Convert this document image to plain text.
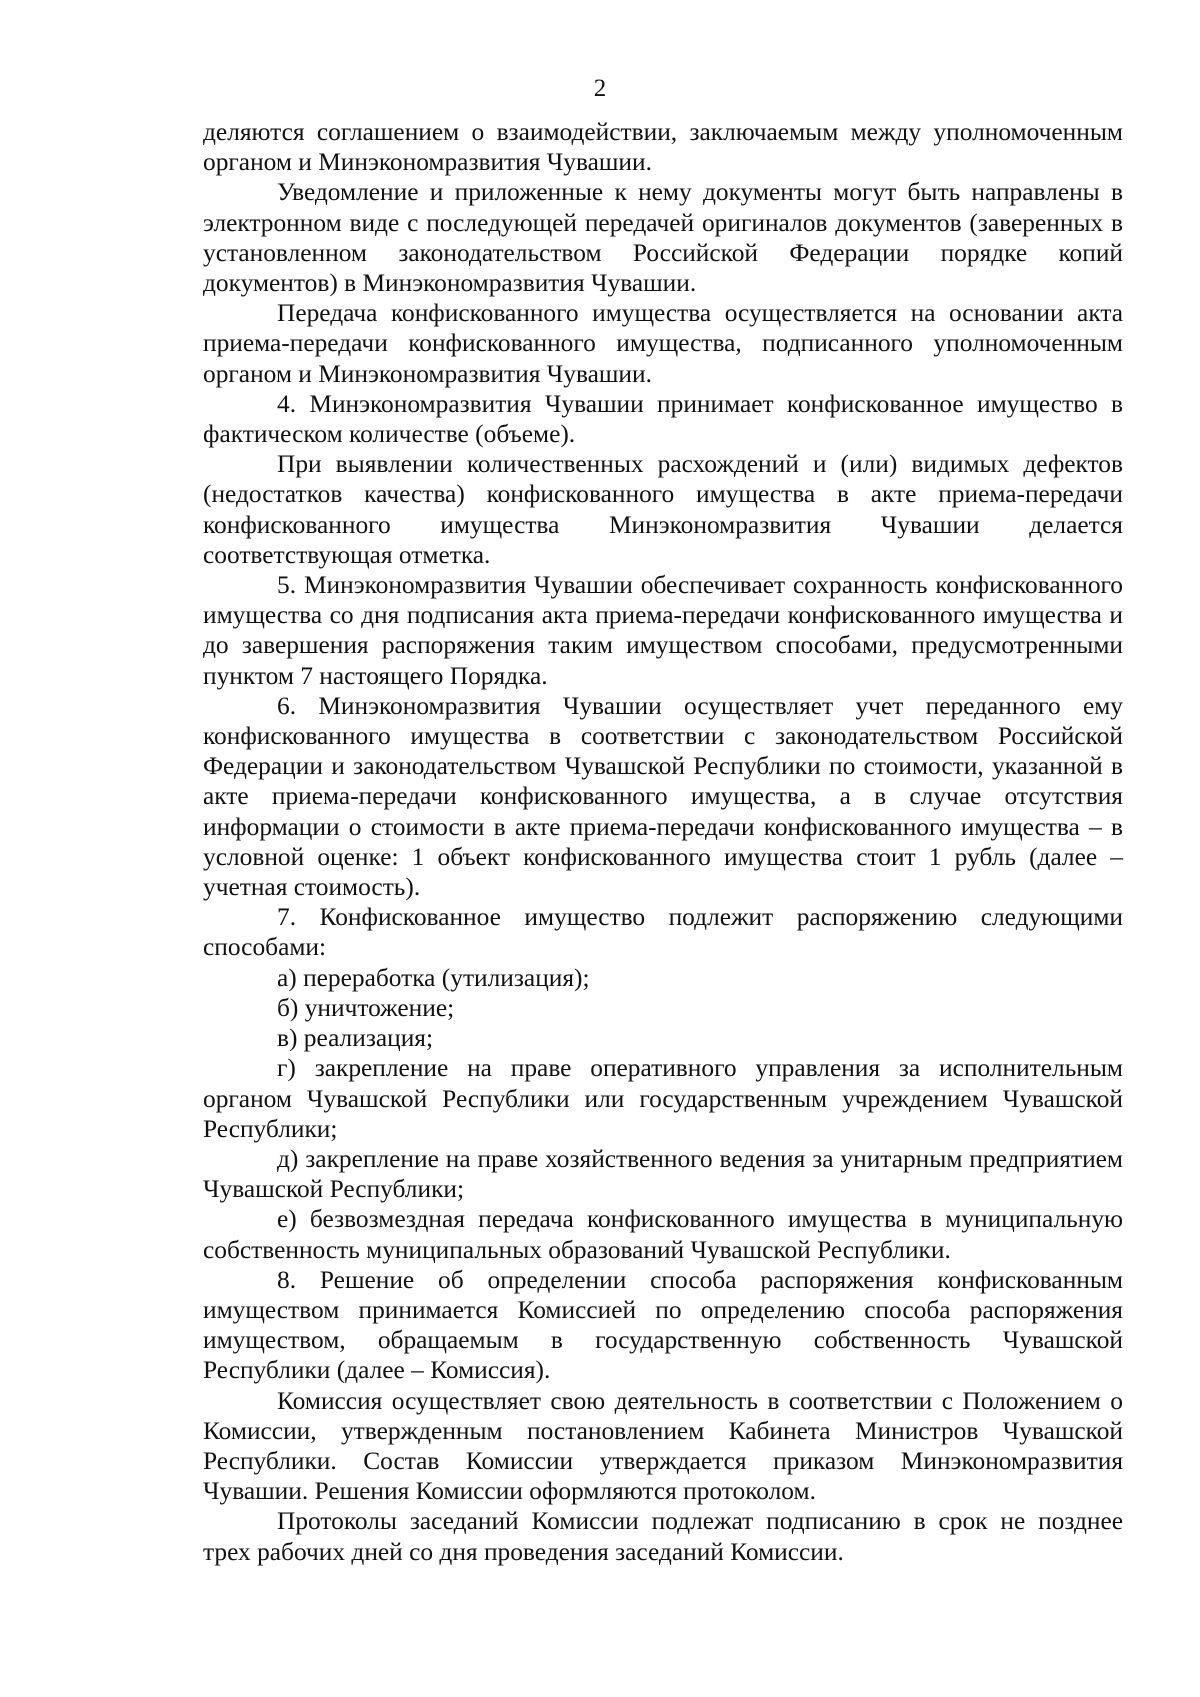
2

деляются соглашением о взаимодействии, заключаемым между уполномоченным органом и Минэкономразвития Чувашии.

Уведомление и приложенные к нему документы могут быть направлены в электронном виде с последующей передачей оригиналов документов (заверенных в установленном законодательством Российской Федерации порядке копий документов) в Минэкономразвития Чувашии.

Передача конфискованного имущества осуществляется на основании акта приема-передачи конфискованного имущества, подписанного уполномоченным органом и Минэкономразвития Чувашии.

4. Минэкономразвития Чувашии принимает конфискованное имущество в фактическом количестве (объеме).

При выявлении количественных расхождений и (или) видимых дефектов (недостатков качества) конфискованного имущества в акте приема-передачи конфискованного имущества Минэкономразвития Чувашии делается соответствующая отметка.

5. Минэкономразвития Чувашии обеспечивает сохранность конфискованного имущества со дня подписания акта приема-передачи конфискованного имущества и до завершения распоряжения таким имуществом способами, предусмотренными пунктом 7 настоящего Порядка.

6. Минэкономразвития Чувашии осуществляет учет переданного ему конфискованного имущества в соответствии с законодательством Российской Федерации и законодательством Чувашской Республики по стоимости, указанной в акте приема-передачи конфискованного имущества, а в случае отсутствия информации о стоимости в акте приема-передачи конфискованного имущества – в условной оценке: 1 объект конфискованного имущества стоит 1 рубль (далее – учетная стоимость).

7. Конфискованное имущество подлежит распоряжению следующими способами:

а) переработка (утилизация);

б) уничтожение;

в) реализация;

г) закрепление на праве оперативного управления за исполнительным органом Чувашской Республики или государственным учреждением Чувашской Республики;

д) закрепление на праве хозяйственного ведения за унитарным предприятием Чувашской Республики;

е) безвозмездная передача конфискованного имущества в муниципальную собственность муниципальных образований Чувашской Республики.

8. Решение об определении способа распоряжения конфискованным имуществом принимается Комиссией по определению способа распоряжения имуществом, обращаемым в государственную собственность Чувашской Республики (далее – Комиссия).

Комиссия осуществляет свою деятельность в соответствии с Положением о Комиссии, утвержденным постановлением Кабинета Министров Чувашской Республики. Состав Комиссии утверждается приказом Минэкономразвития Чувашии. Решения Комиссии оформляются протоколом.

Протоколы заседаний Комиссии подлежат подписанию в срок не позднее трех рабочих дней со дня проведения заседаний Комиссии.
